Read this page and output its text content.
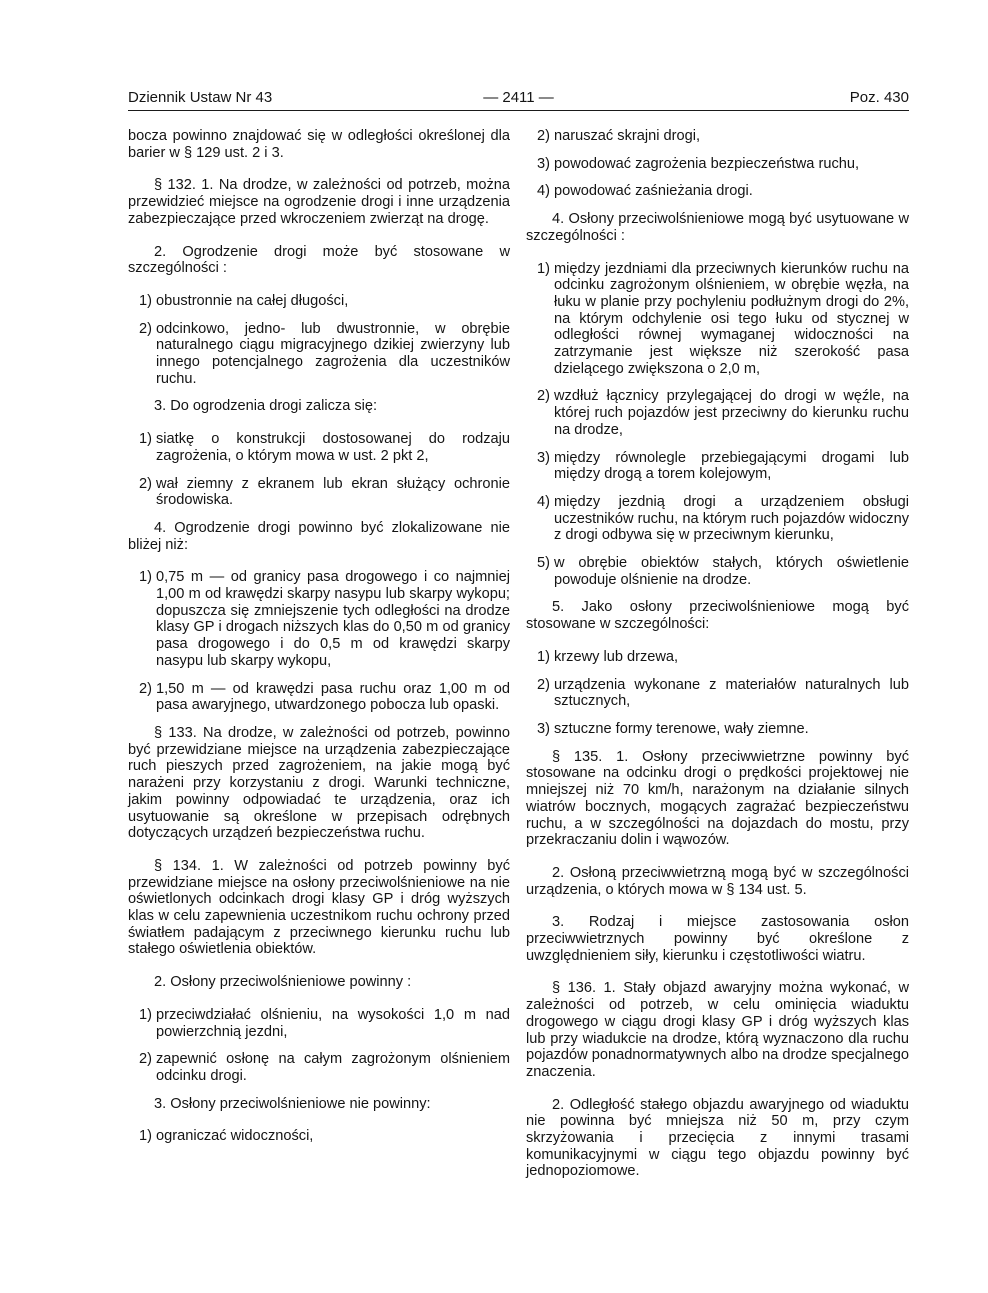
Dziennik Ustaw Nr 43	— 2411 —	Poz. 430

bocza powinno znajdować się w odległości określonej dla barier w § 129 ust. 2 i 3.

§ 132. 1. Na drodze, w zależności od potrzeb, można przewidzieć miejsce na ogrodzenie drogi i inne urządzenia zabezpieczające przed wkroczeniem zwierząt na drogę.

2. Ogrodzenie drogi może być stosowane w szczególności :

1) obustronnie na całej długości,
2) odcinkowo, jedno- lub dwustronnie, w obrębie naturalnego ciągu migracyjnego dzikiej zwierzyny lub innego potencjalnego zagrożenia dla uczestników ruchu.

3. Do ogrodzenia drogi zalicza się:

1) siatkę o konstrukcji dostosowanej do rodzaju zagrożenia, o którym mowa w ust. 2 pkt 2,
2) wał ziemny z ekranem lub ekran służący ochronie środowiska.

4. Ogrodzenie drogi powinno być zlokalizowane nie bliżej niż:

1) 0,75 m — od granicy pasa drogowego i co najmniej 1,00 m od krawędzi skarpy nasypu lub skarpy wykopu; dopuszcza się zmniejszenie tych odległości na drodze klasy GP i drogach niższych klas do 0,50 m od granicy pasa drogowego i do 0,5 m od krawędzi skarpy nasypu lub skarpy wykopu,
2) 1,50 m — od krawędzi pasa ruchu oraz 1,00 m od pasa awaryjnego, utwardzonego pobocza lub opaski.

§ 133. Na drodze, w zależności od potrzeb, powinno być przewidziane miejsce na urządzenia zabezpieczające ruch pieszych przed zagrożeniem, na jakie mogą być narażeni przy korzystaniu z drogi. Warunki techniczne, jakim powinny odpowiadać te urządzenia, oraz ich usytuowanie są określone w przepisach odrębnych dotyczących urządzeń bezpieczeństwa ruchu.

§ 134. 1. W zależności od potrzeb powinny być przewidziane miejsce na osłony przeciwolśnieniowe na nie oświetlonych odcinkach drogi klasy GP i dróg wyższych klas w celu zapewnienia uczestnikom ruchu ochrony przed światłem padającym z przeciwnego kierunku ruchu lub stałego oświetlenia obiektów.

2. Osłony przeciwolśnieniowe powinny :

1) przeciwdziałać olśnieniu, na wysokości 1,0 m nad powierzchnią jezdni,
2) zapewnić osłonę na całym zagrożonym olśnieniem odcinku drogi.

3. Osłony przeciwolśnieniowe nie powinny:

1) ograniczać widoczności,
2) naruszać skrajni drogi,
3) powodować zagrożenia bezpieczeństwa ruchu,
4) powodować zaśnieżania drogi.

4. Osłony przeciwolśnieniowe mogą być usytuowane w szczególności :

1) między jezdniami dla przeciwnych kierunków ruchu na odcinku zagrożonym olśnieniem, w obrębie węzła, na łuku w planie przy pochyleniu podłużnym drogi do 2%, na którym odchylenie osi tego łuku od stycznej w odległości równej wymaganej widoczności na zatrzymanie jest większe niż szerokość pasa dzielącego zwiększona o 2,0 m,
2) wzdłuż łącznicy przylegającej do drogi w węźle, na której ruch pojazdów jest przeciwny do kierunku ruchu na drodze,
3) między równolegle przebiegającymi drogami lub między drogą a torem kolejowym,
4) między jezdnią drogi a urządzeniem obsługi uczestników ruchu, na którym ruch pojazdów widoczny z drogi odbywa się w przeciwnym kierunku,
5) w obrębie obiektów stałych, których oświetlenie powoduje olśnienie na drodze.

5. Jako osłony przeciwolśnieniowe mogą być stosowane w szczególności:

1) krzewy lub drzewa,
2) urządzenia wykonane z materiałów naturalnych lub sztucznych,
3) sztuczne formy terenowe, wały ziemne.

§ 135. 1. Osłony przeciwwietrzne powinny być stosowane na odcinku drogi o prędkości projektowej nie mniejszej niż 70 km/h, narażonym na działanie silnych wiatrów bocznych, mogących zagrażać bezpieczeństwu ruchu, a w szczególności na dojazdach do mostu, przy przekraczaniu dolin i wąwozów.

2. Osłoną przeciwwietrzną mogą być w szczególności urządzenia, o których mowa w § 134 ust. 5.

3. Rodzaj i miejsce zastosowania osłon przeciwwietrznych powinny być określone z uwzględnieniem siły, kierunku i częstotliwości wiatru.

§ 136. 1. Stały objazd awaryjny można wykonać, w zależności od potrzeb, w celu ominięcia wiaduktu drogowego w ciągu drogi klasy GP i dróg wyższych klas lub przy wiadukcie na drodze, którą wyznaczono dla ruchu pojazdów ponadnormatywnych albo na drodze specjalnego znaczenia.

2. Odległość stałego objazdu awaryjnego od wiaduktu nie powinna być mniejsza niż 50 m, przy czym skrzyżowania i przecięcia z innymi trasami komunikacyjnymi w ciągu tego objazdu powinny być jednopoziomowe.
